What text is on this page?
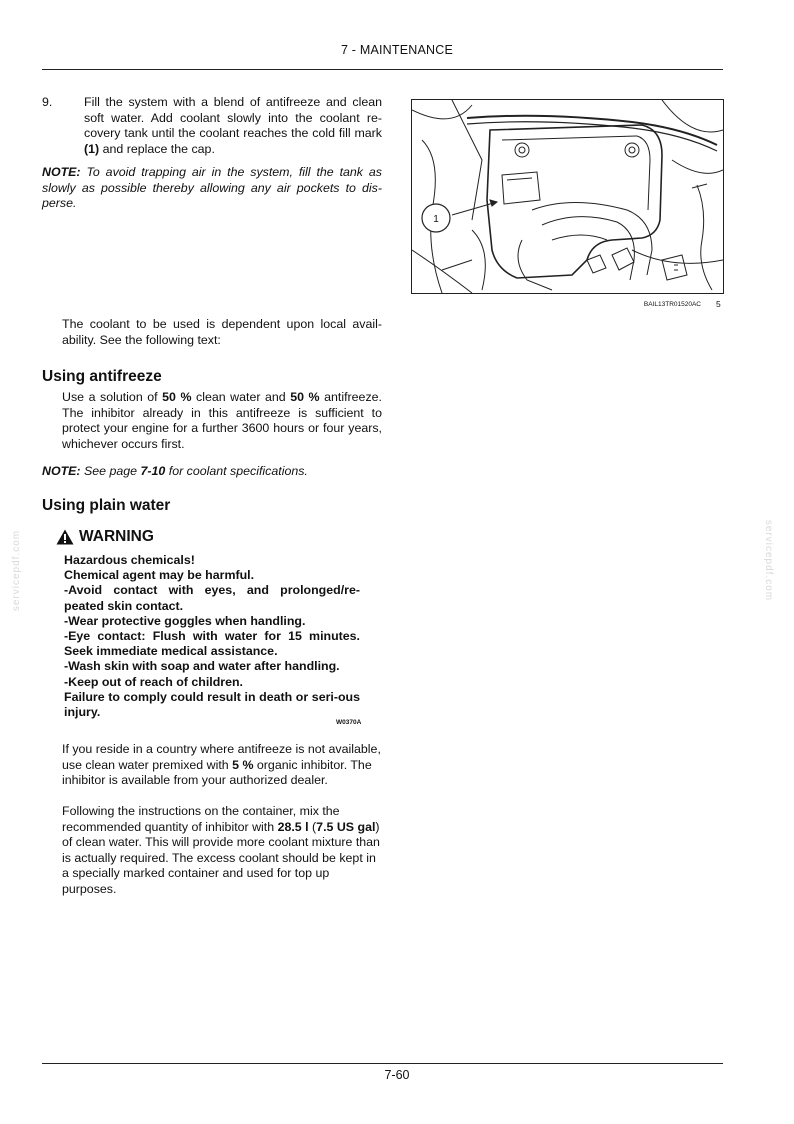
7 - MAINTENANCE
9.	Fill the system with a blend of antifreeze and clean soft water. Add coolant slowly into the coolant re-covery tank until the coolant reaches the cold fill mark (1) and replace the cap.
NOTE: To avoid trapping air in the system, fill the tank as slowly as possible thereby allowing any air pockets to dis-perse.
1
BAIL13TR01520AC 5
The coolant to be used is dependent upon local avail-ability. See the following text:
Using antifreeze
Use a solution of 50 % clean water and 50 % antifreeze. The inhibitor already in this antifreeze is sufficient to protect your engine for a further 3600 hours or four years, whichever occurs first.
NOTE: See page 7-10 for coolant specifications.
Using plain water
WARNING
Hazardous chemicals!
Chemical agent may be harmful.
-Avoid contact with eyes, and prolonged/re-peated skin contact.
-Wear protective goggles when handling.
-Eye contact: Flush with water for 15 minutes. Seek immediate medical assistance.
-Wash skin with soap and water after handling.
-Keep out of reach of children.
Failure to comply could result in death or seri-ous injury.
W0370A
If you reside in a country where antifreeze is not available, use clean water premixed with 5 % organic inhibitor. The inhibitor is available from your authorized dealer.
Following the instructions on the container, mix the recommended quantity of inhibitor with 28.5 l (7.5 US gal) of clean water. This will provide more coolant mixture than is actually required. The excess coolant should be kept in a specially marked container and used for top up purposes.
servicepdf.com	servicepdf.com
7-60
